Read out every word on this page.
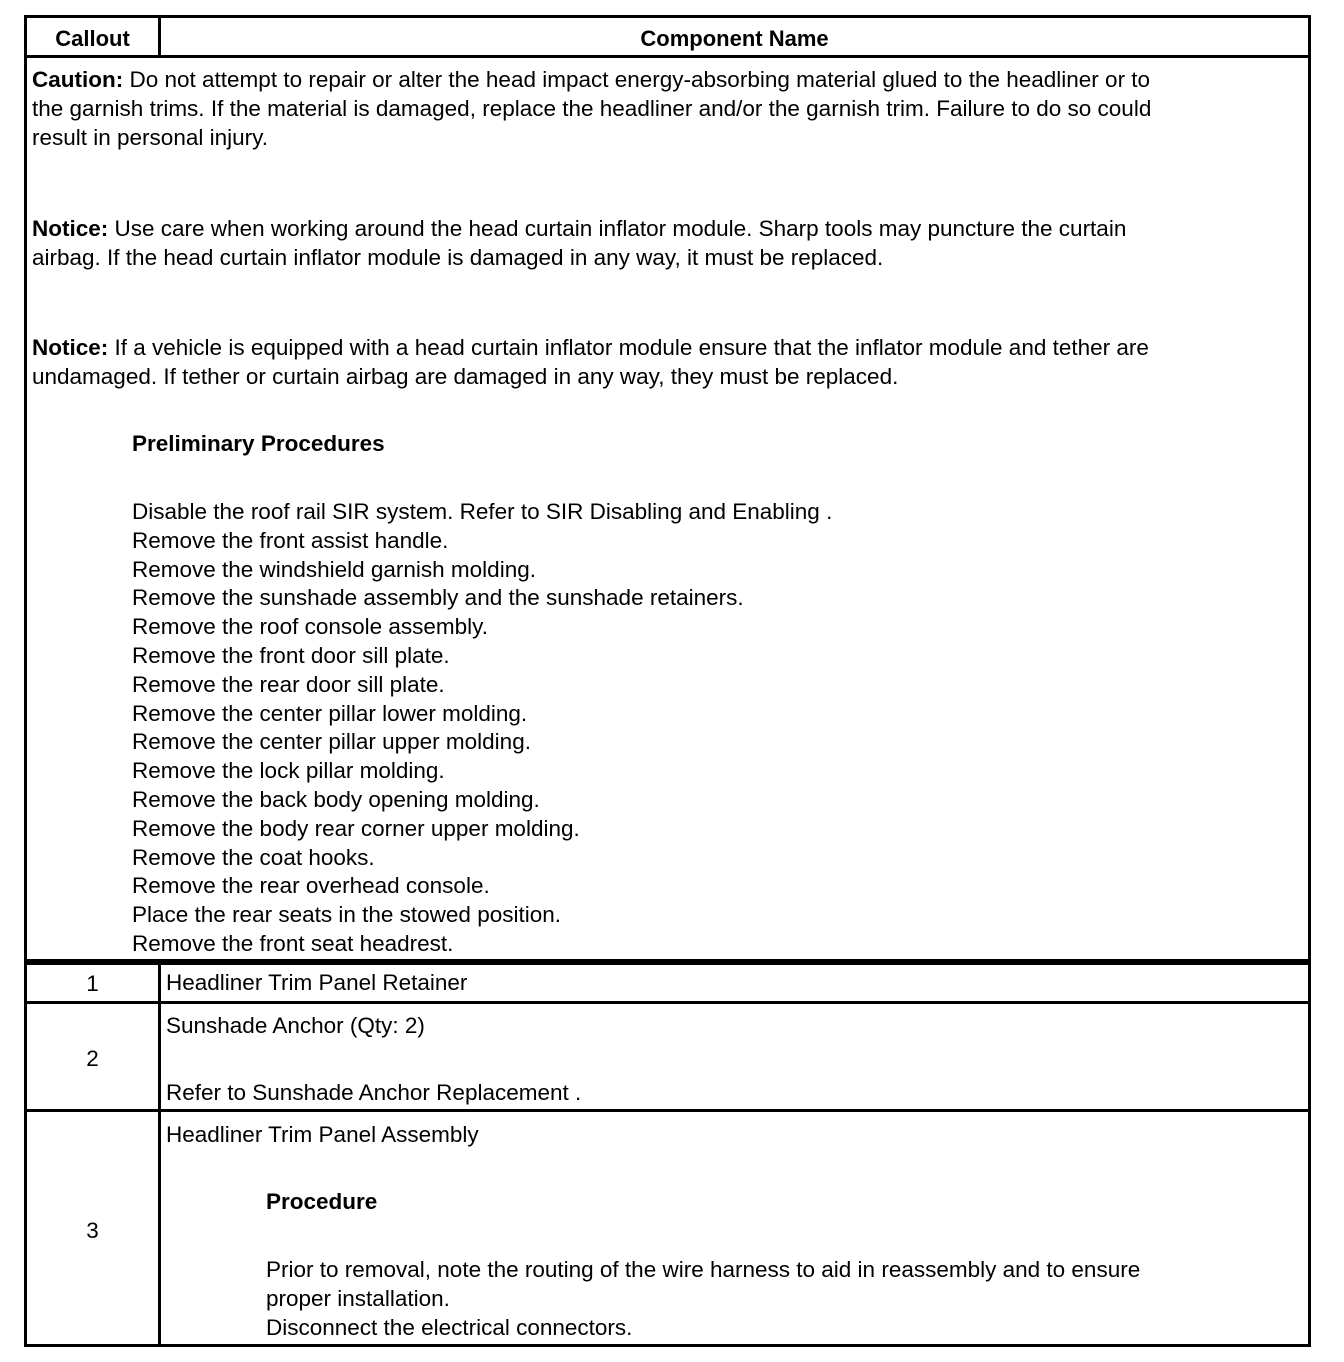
Callout	Component Name
Caution: Do not attempt to repair or alter the head impact energy-absorbing material glued to the headliner or to
the garnish trims. If the material is damaged, replace the headliner and/or the garnish trim. Failure to do so could
result in personal injury.
Notice: Use care when working around the head curtain inflator module. Sharp tools may puncture the curtain
airbag. If the head curtain inflator module is damaged in any way, it must be replaced.
Notice: If a vehicle is equipped with a head curtain inflator module ensure that the inflator module and tether are
undamaged. If tether or curtain airbag are damaged in any way, they must be replaced.
Preliminary Procedures
Disable the roof rail SIR system. Refer to SIR Disabling and Enabling .
Remove the front assist handle.
Remove the windshield garnish molding.
Remove the sunshade assembly and the sunshade retainers.
Remove the roof console assembly.
Remove the front door sill plate.
Remove the rear door sill plate.
Remove the center pillar lower molding.
Remove the center pillar upper molding.
Remove the lock pillar molding.
Remove the back body opening molding.
Remove the body rear corner upper molding.
Remove the coat hooks.
Remove the rear overhead console.
Place the rear seats in the stowed position.
Remove the front seat headrest.
1	Headliner Trim Panel Retainer
2
Sunshade Anchor (Qty: 2)
Refer to Sunshade Anchor Replacement .
3
Headliner Trim Panel Assembly
Procedure
Prior to removal, note the routing of the wire harness to aid in reassembly and to ensure
proper installation.
Disconnect the electrical connectors.
